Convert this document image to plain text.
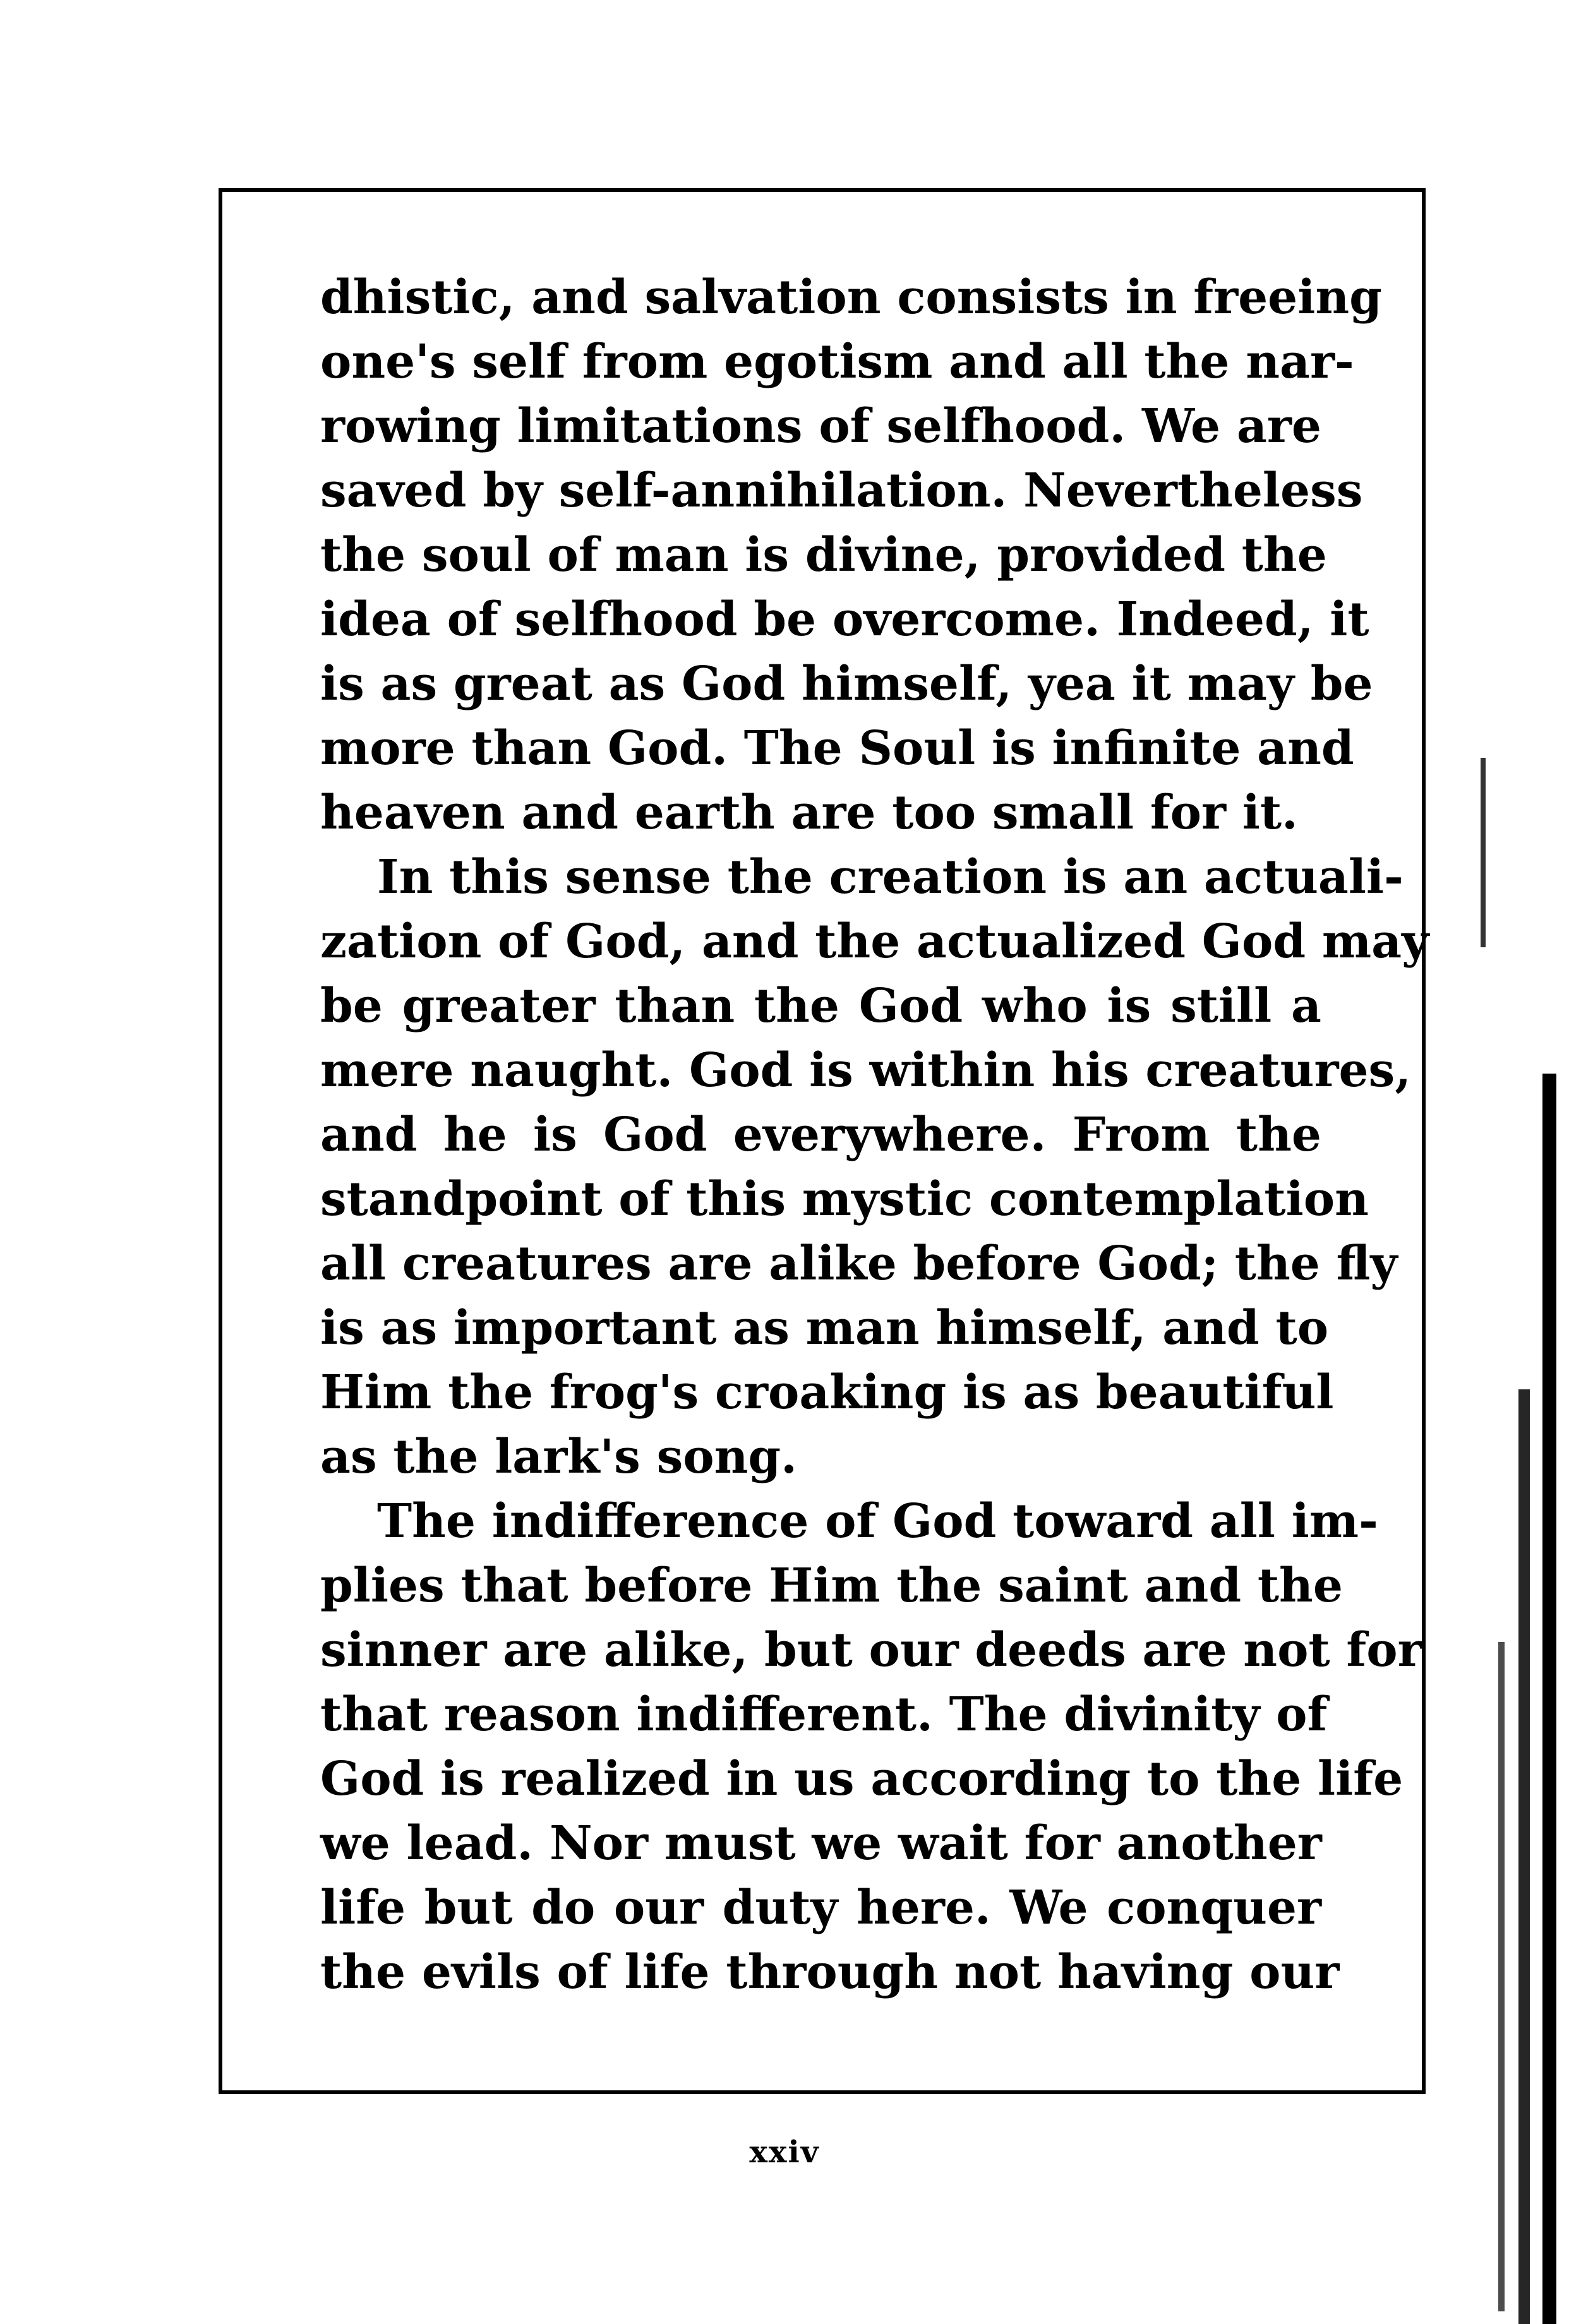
dhistic, and salvation consists in freeing
one's self from egotism and all the nar-
rowing limitations of selfhood. We are
saved by self-annihilation. Nevertheless
the soul of man is divine, provided the
idea of selfhood be overcome. Indeed, it
is as great as God himself, yea it may be
more than God. The Soul is infinite and
heaven and earth are too small for it.
In this sense the creation is an actuali-
zation of God, and the actualized God may
be greater than the God who is still a
mere naught. God is within his creatures,
and he is God everywhere. From the
standpoint of this mystic contemplation
all creatures are alike before God; the fly
is as important as man himself, and to
Him the frog's croaking is as beautiful
as the lark's song.
The indifference of God toward all im-
plies that before Him the saint and the
sinner are alike, but our deeds are not for
that reason indifferent. The divinity of
God is realized in us according to the life
we lead. Nor must we wait for another
life but do our duty here. We conquer
the evils of life through not having our
xxiv
